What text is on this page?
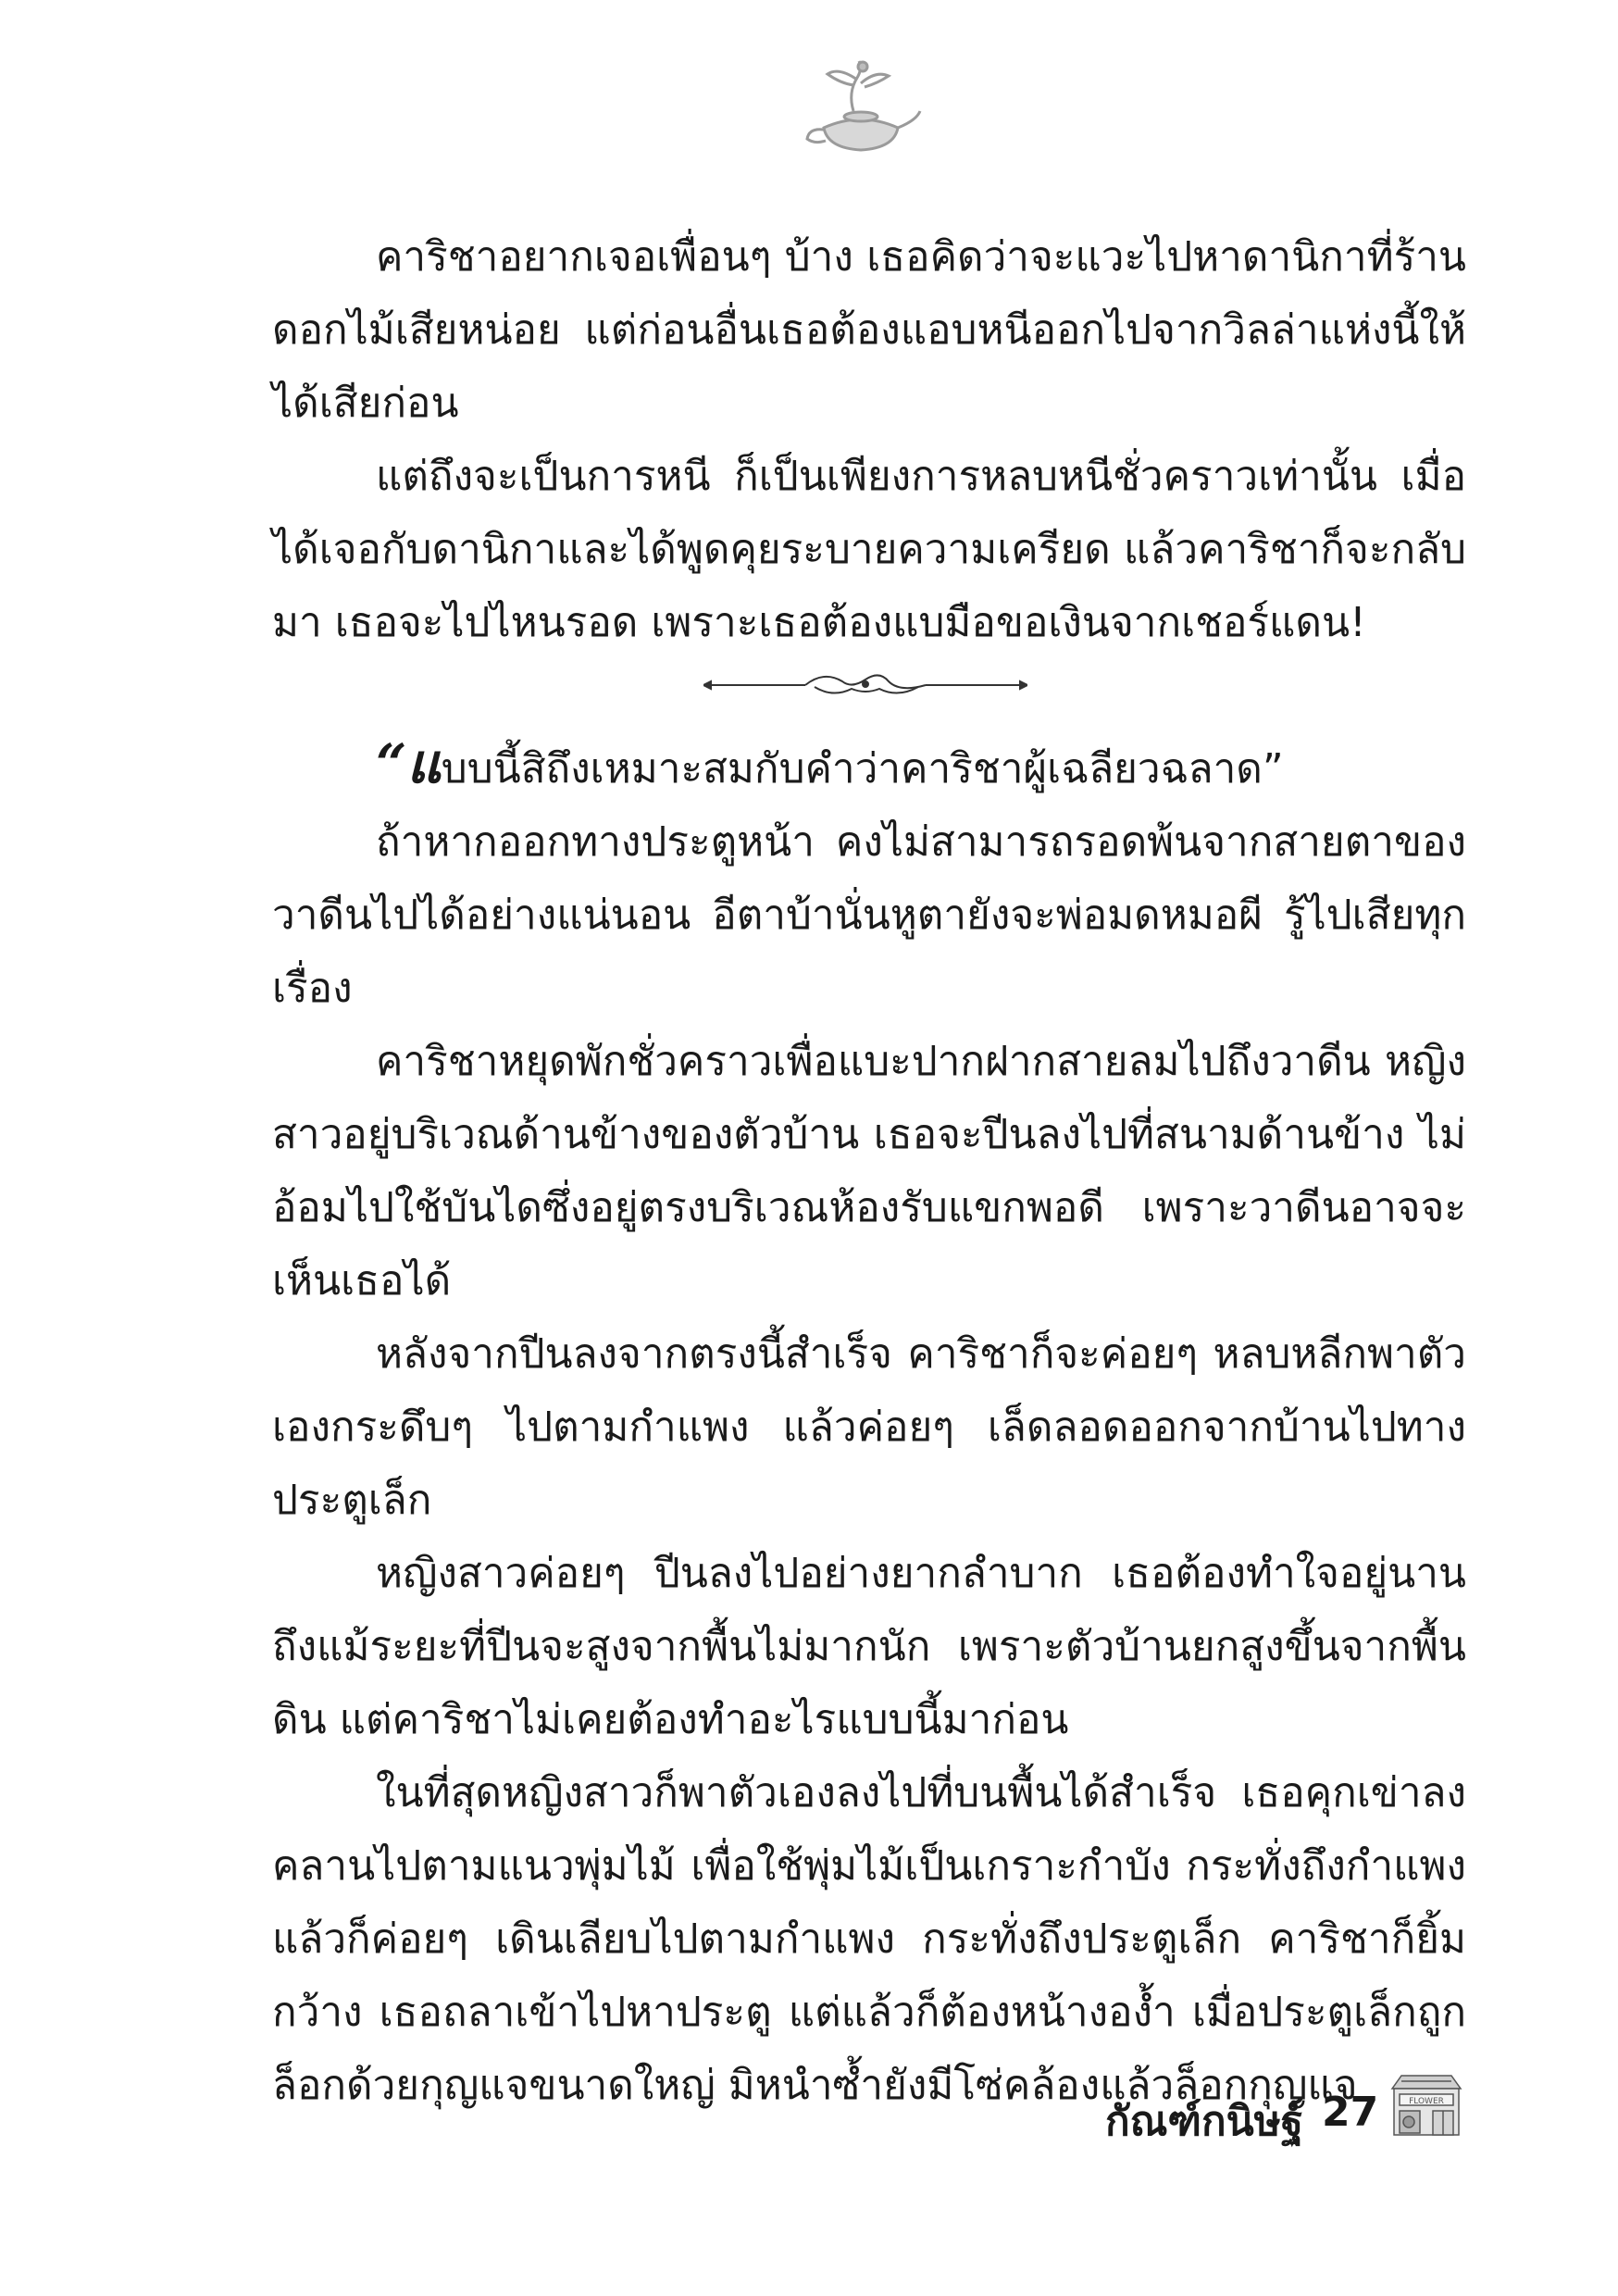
คาริชาอยากเจอเพื่อนๆ บ้าง เธอคิดว่าจะแวะไปหาดานิกาที่ร้านดอกไม้เสียหน่อย แต่ก่อนอื่นเธอต้องแอบหนีออกไปจากวิลล่าแห่งนี้ให้ได้เสียก่อน

แต่ถึงจะเป็นการหนี ก็เป็นเพียงการหลบหนีชั่วคราวเท่านั้น เมื่อได้เจอกับดานิกาและได้พูดคุยระบายความเครียด แล้วคาริชาก็จะกลับมา เธอจะไปไหนรอด เพราะเธอต้องแบมือขอเงินจากเชอร์แดน!

“แบบนี้สิถึงเหมาะสมกับคำว่าคาริชาผู้เฉลียวฉลาด”

ถ้าหากออกทางประตูหน้า คงไม่สามารถรอดพ้นจากสายตาของวาดีนไปได้อย่างแน่นอน อีตาบ้านั่นหูตายังจะพ่อมดหมอผี รู้ไปเสียทุกเรื่อง

คาริชาหยุดพักชั่วคราวเพื่อแบะปากฝากสายลมไปถึงวาดีน หญิงสาวอยู่บริเวณด้านข้างของตัวบ้าน เธอจะปีนลงไปที่สนามด้านข้าง ไม่อ้อมไปใช้บันไดซึ่งอยู่ตรงบริเวณห้องรับแขกพอดี เพราะวาดีนอาจจะเห็นเธอได้

หลังจากปีนลงจากตรงนี้สำเร็จ คาริชาก็จะค่อยๆ หลบหลีกพาตัวเองกระดึบๆ ไปตามกำแพง แล้วค่อยๆ เล็ดลอดออกจากบ้านไปทางประตูเล็ก

หญิงสาวค่อยๆ ปีนลงไปอย่างยากลำบาก เธอต้องทำใจอยู่นาน ถึงแม้ระยะที่ปีนจะสูงจากพื้นไม่มากนัก เพราะตัวบ้านยกสูงขึ้นจากพื้นดิน แต่คาริชาไม่เคยต้องทำอะไรแบบนี้มาก่อน

ในที่สุดหญิงสาวก็พาตัวเองลงไปที่บนพื้นได้สำเร็จ เธอคุกเข่าลงคลานไปตามแนวพุ่มไม้ เพื่อใช้พุ่มไม้เป็นเกราะกำบัง กระทั่งถึงกำแพง แล้วก็ค่อยๆ เดินเลียบไปตามกำแพง กระทั่งถึงประตูเล็ก คาริชาก็ยิ้มกว้าง เธอถลาเข้าไปหาประตู แต่แล้วก็ต้องหน้างองํ้า เมื่อประตูเล็กถูกล็อกด้วยกุญแจขนาดใหญ่ มิหนำซํ้ายังมีโซ่คล้องแล้วล็อกกุญแจ

กัณฑ์กนิษฐ์ 27	FLOWER
